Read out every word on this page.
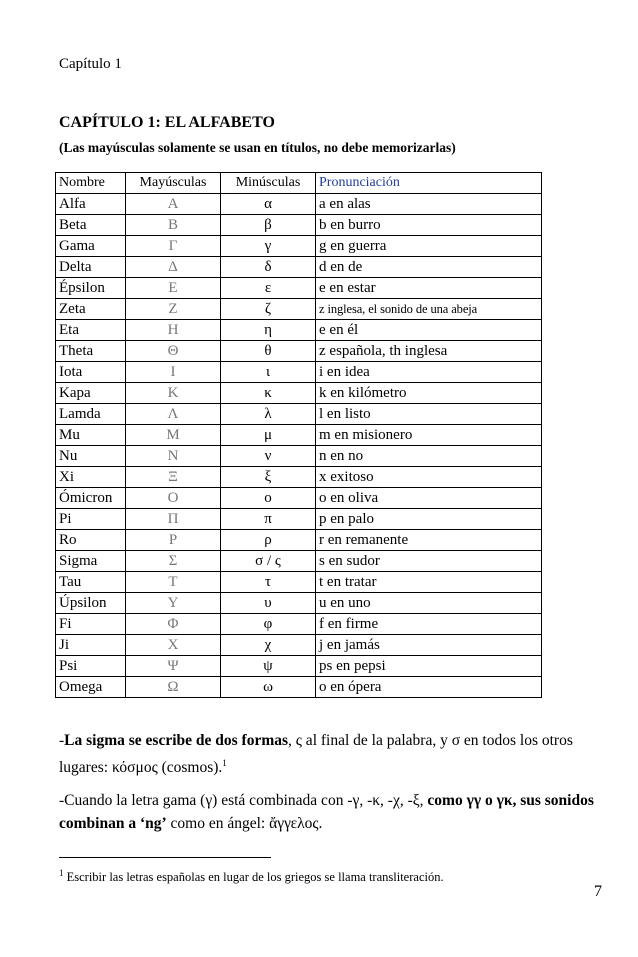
Capítulo 1
CAPÍTULO 1: EL ALFABETO
(Las mayúsculas solamente se usan en títulos, no debe memorizarlas)
Nombre	Mayúsculas	Minúsculas	Pronunciación
Alfa	Α	α	a en alas
Beta	Β	β	b en burro
Gama	Γ	γ	g en guerra
Delta	Δ	δ	d en de
Épsilon	Ε	ε	e en estar
Zeta	Ζ	ζ	z inglesa, el sonido de una abeja
Eta	Η	η	e en él
Theta	Θ	θ	z española, th inglesa
Iota	Ι	ι	i en idea
Kapa	Κ	κ	k en kilómetro
Lamda	Λ	λ	l en listo
Mu	Μ	μ	m en misionero
Nu	Ν	ν	n en no
Xi	Ξ	ξ	x exitoso
Ómicron	Ο	ο	o en oliva
Pi	Π	π	p en palo
Ro	Ρ	ρ	r en remanente
Sigma	Σ	σ / ς	s en sudor
Tau	Τ	τ	t en tratar
Úpsilon	Υ	υ	u en uno
Fi	Φ	φ	f en firme
Ji	Χ	χ	j en jamás
Psi	Ψ	ψ	ps en pepsi
Omega	Ω	ω	o en ópera
-La sigma se escribe de dos formas, ς al final de la palabra, y σ en todos los otros lugares: κόσμος (cosmos).$^1$
-Cuando la letra gama (γ) está combinada con -γ, -κ, -χ, -ξ, como γγ o γκ, sus sonidos combinan a ‘ng’ como en ángel: ἄγγελος.
$^1$ Escribir las letras españolas en lugar de los griegos se llama transliteración.
7
